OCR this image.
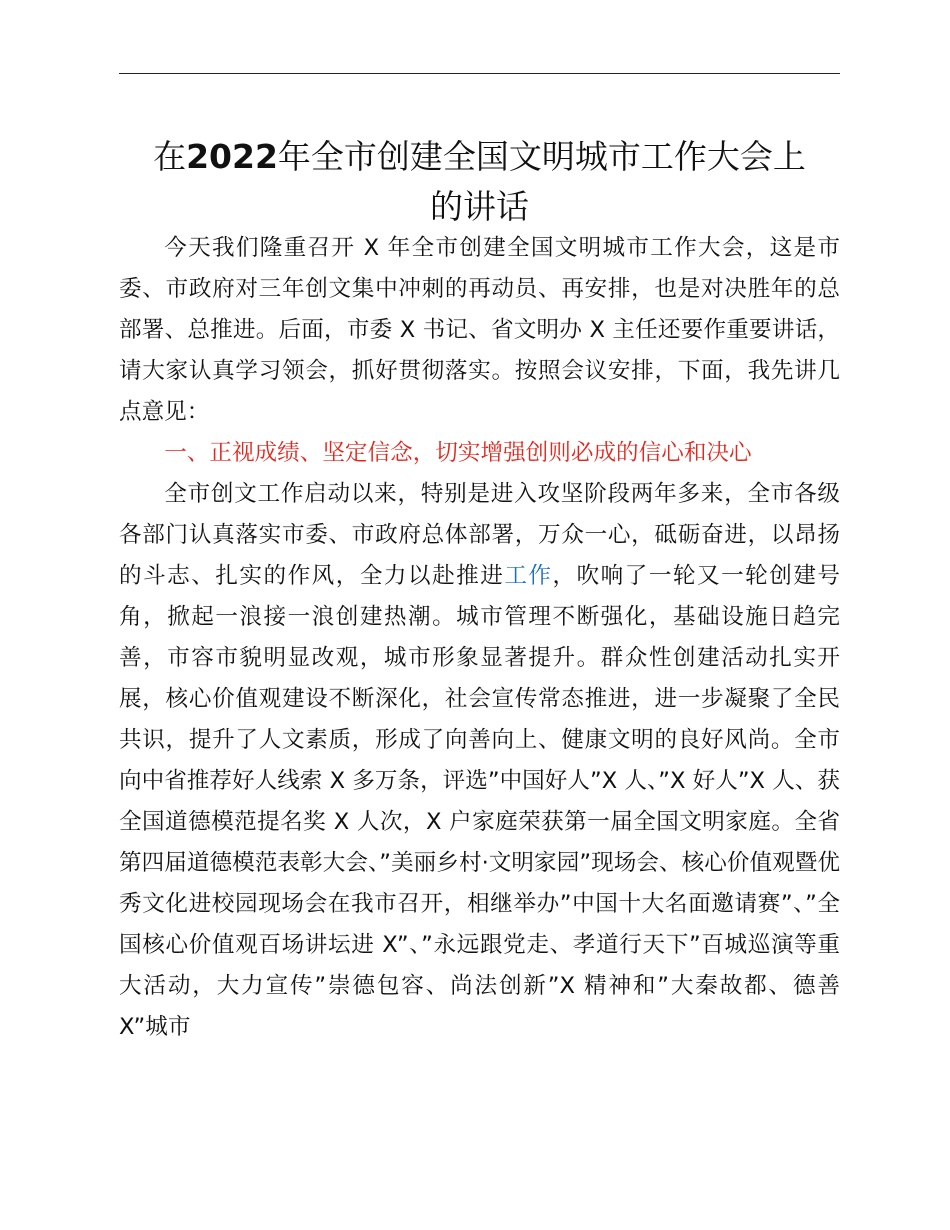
在2022年全市创建全国文明城市工作大会上
的讲话

今天我们隆重召开 X 年全市创建全国文明城市工作大会，这是市委、市政府对三年创文集中冲刺的再动员、再安排，也是对决胜年的总部署、总推进。后面，市委 X 书记、省文明办 X 主任还要作重要讲话，请大家认真学习领会，抓好贯彻落实。按照会议安排，下面，我先讲几点意见：

一、正视成绩、坚定信念，切实增强创则必成的信心和决心

全市创文工作启动以来，特别是进入攻坚阶段两年多来，全市各级各部门认真落实市委、市政府总体部署，万众一心，砥砺奋进，以昂扬的斗志、扎实的作风，全力以赴推进工作，吹响了一轮又一轮创建号角，掀起一浪接一浪创建热潮。城市管理不断强化，基础设施日趋完善，市容市貌明显改观，城市形象显著提升。群众性创建活动扎实开展，核心价值观建设不断深化，社会宣传常态推进，进一步凝聚了全民共识，提升了人文素质，形成了向善向上、健康文明的良好风尚。全市向中省推荐好人线索 X 多万条，评选”中国好人”X 人、”X 好人”X 人、获全国道德模范提名奖 X 人次，X 户家庭荣获第一届全国文明家庭。全省第四届道德模范表彰大会、”美丽乡村·文明家园”现场会、核心价值观暨优秀文化进校园现场会在我市召开，相继举办”中国十大名面邀请赛”、”全国核心价值观百场讲坛进 X”、”永远跟党走、孝道行天下”百城巡演等重大活动，大力宣传”崇德包容、尚法创新”X 精神和”大秦故都、德善 X”城市
